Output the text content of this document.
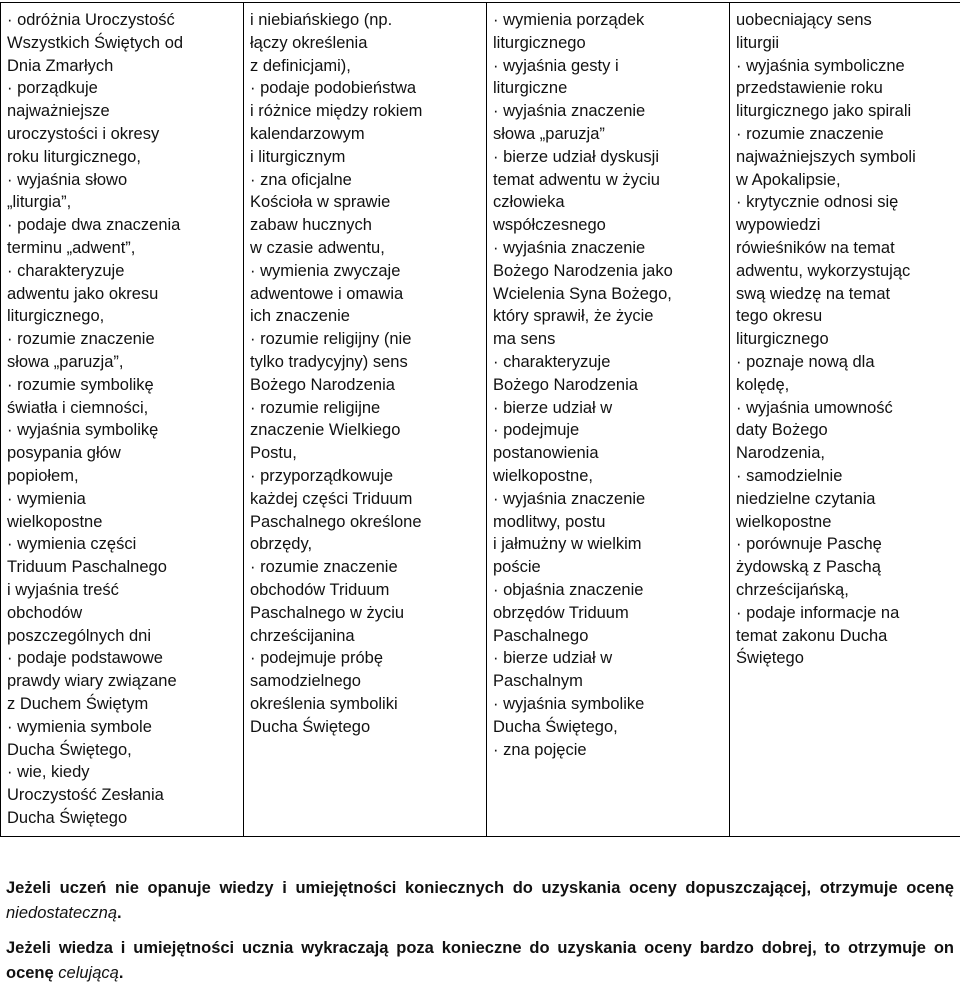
· odróżnia Uroczystość
Wszystkich Świętych od
Dnia Zmarłych
· porządkuje
najważniejsze
uroczystości i okresy
roku liturgicznego,
· wyjaśnia słowo
„liturgia”,
· podaje dwa znaczenia
terminu „adwent”,
· charakteryzuje
adwentu jako okresu
liturgicznego,
· rozumie znaczenie
słowa „paruzja”,
· rozumie symbolikę
światła i ciemności,
· wyjaśnia symbolikę
posypania głów
popiołem,
· wymienia
wielkopostne
· wymienia części
Triduum Paschalnego
i wyjaśnia treść
obchodów
poszczególnych dni
· podaje podstawowe
prawdy wiary związane
z Duchem Świętym
· wymienia symbole
Ducha Świętego,
· wie, kiedy
Uroczystość Zesłania
Ducha Świętego

i niebiańskiego (np.
łączy określenia
z definicjami),
· podaje podobieństwa
i różnice między rokiem
kalendarzowym
i liturgicznym
· zna oficjalne
Kościoła w sprawie
zabaw hucznych
w czasie adwentu,
· wymienia zwyczaje
adwentowe i omawia
ich znaczenie
· rozumie religijny (nie
tylko tradycyjny) sens
Bożego Narodzenia
· rozumie religijne
znaczenie Wielkiego
Postu,
· przyporządkowuje
każdej części Triduum
Paschalnego określone
obrzędy,
· rozumie znaczenie
obchodów Triduum
Paschalnego w życiu
chrześcijanina
· podejmuje próbę
samodzielnego
określenia symboliki
Ducha Świętego

· wymienia porządek
liturgicznego
· wyjaśnia gesty i
liturgiczne
· wyjaśnia znaczenie
słowa „paruzja”
· bierze udział dyskusji
temat adwentu w życiu
człowieka
współczesnego
· wyjaśnia znaczenie
Bożego Narodzenia jako
Wcielenia Syna Bożego,
który sprawił, że życie
ma sens
· charakteryzuje
Bożego Narodzenia
· bierze udział w
· podejmuje
postanowienia
wielkopostne,
· wyjaśnia znaczenie
modlitwy, postu
i jałmużny w wielkim
poście
· objaśnia znaczenie
obrzędów Triduum
Paschalnego
· bierze udział w
Paschalnym
· wyjaśnia symbolike
Ducha Świętego,
· zna pojęcie

uobecniający sens
liturgii
· wyjaśnia symboliczne
przedstawienie roku
liturgicznego jako spirali
· rozumie znaczenie
najważniejszych symboli
w Apokalipsie,
· krytycznie odnosi się
wypowiedzi
rówieśników na temat
adwentu, wykorzystując
swą wiedzę na temat
tego okresu
liturgicznego
· poznaje nową dla
kolędę,
· wyjaśnia umowność
daty Bożego
Narodzenia,
· samodzielnie
niedzielne czytania
wielkopostne
· porównuje Paschę
żydowską z Paschą
chrześcijańską,
· podaje informacje na
temat zakonu Ducha
Świętego

Jeżeli uczeń nie opanuje wiedzy i umiejętności koniecznych do uzyskania oceny dopuszczającej, otrzymuje ocenę niedostateczną.

Jeżeli wiedza i umiejętności ucznia wykraczają poza konieczne do uzyskania oceny bardzo dobrej, to otrzymuje on ocenę celującą.
